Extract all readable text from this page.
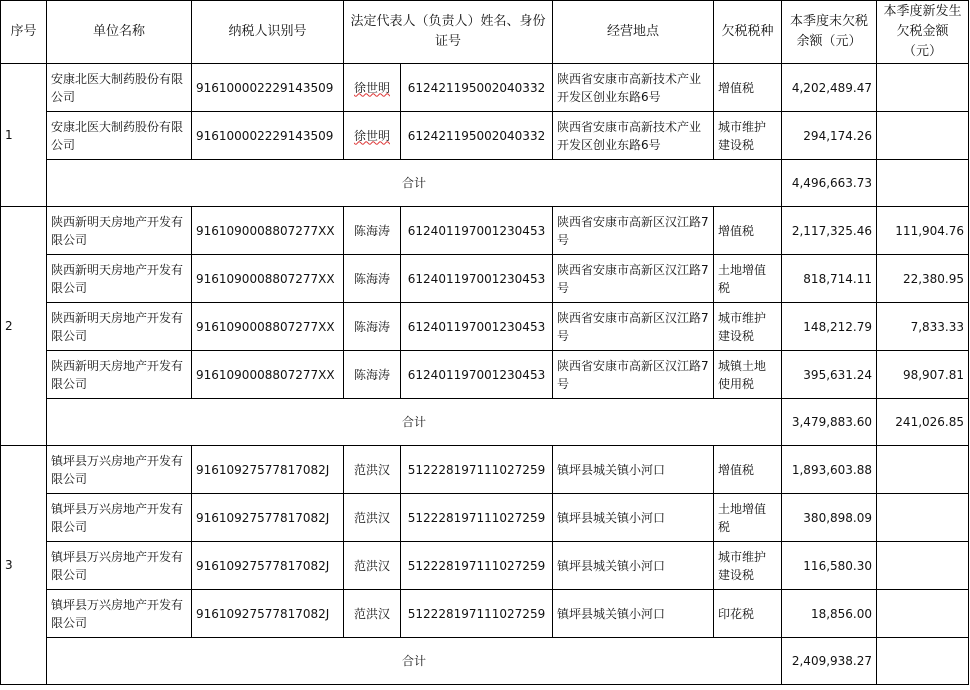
序号	单位名称	纳税人识别号	法定代表人（负责人）姓名、身份证号		经营地点	欠税税种	本季度末欠税余额（元）	本季度新发生欠税金额（元）
1	安康北医大制药股份有限公司	916100002229143509	徐世明	612421195002040332	陕西省安康市高新技术产业开发区创业东路6号	增值税	4,202,489.47	
	安康北医大制药股份有限公司	916100002229143509	徐世明	612421195002040332	陕西省安康市高新技术产业开发区创业东路6号	城市维护建设税	294,174.26	
	合计						4,496,663.73	
2	陕西新明天房地产开发有限公司	9161090008807277XX	陈海涛	612401197001230453	陕西省安康市高新区汉江路7号	增值税	2,117,325.46	111,904.76
	陕西新明天房地产开发有限公司	9161090008807277XX	陈海涛	612401197001230453	陕西省安康市高新区汉江路7号	土地增值税	818,714.11	22,380.95
	陕西新明天房地产开发有限公司	9161090008807277XX	陈海涛	612401197001230453	陕西省安康市高新区汉江路7号	城市维护建设税	148,212.79	7,833.33
	陕西新明天房地产开发有限公司	9161090008807277XX	陈海涛	612401197001230453	陕西省安康市高新区汉江路7号	城镇土地使用税	395,631.24	98,907.81
	合计						3,479,883.60	241,026.85
3	镇坪县万兴房地产开发有限公司	9161092757781708​2J	范洪汉	512228197111027259	镇坪县城关镇小河口	增值税	1,893,603.88	
	镇坪县万兴房地产开发有限公司	9161092757781708​2J	范洪汉	512228197111027259	镇坪县城关镇小河口	土地增值税	380,898.09	
	镇坪县万兴房地产开发有限公司	9161092757781708​2J	范洪汉	512228197111027259	镇坪县城关镇小河口	城市维护建设税	116,580.30	
	镇坪县万兴房地产开发有限公司	9161092757781708​2J	范洪汉	512228197111027259	镇坪县城关镇小河口	印花税	18,856.00	
	合计						2,409,938.27	
